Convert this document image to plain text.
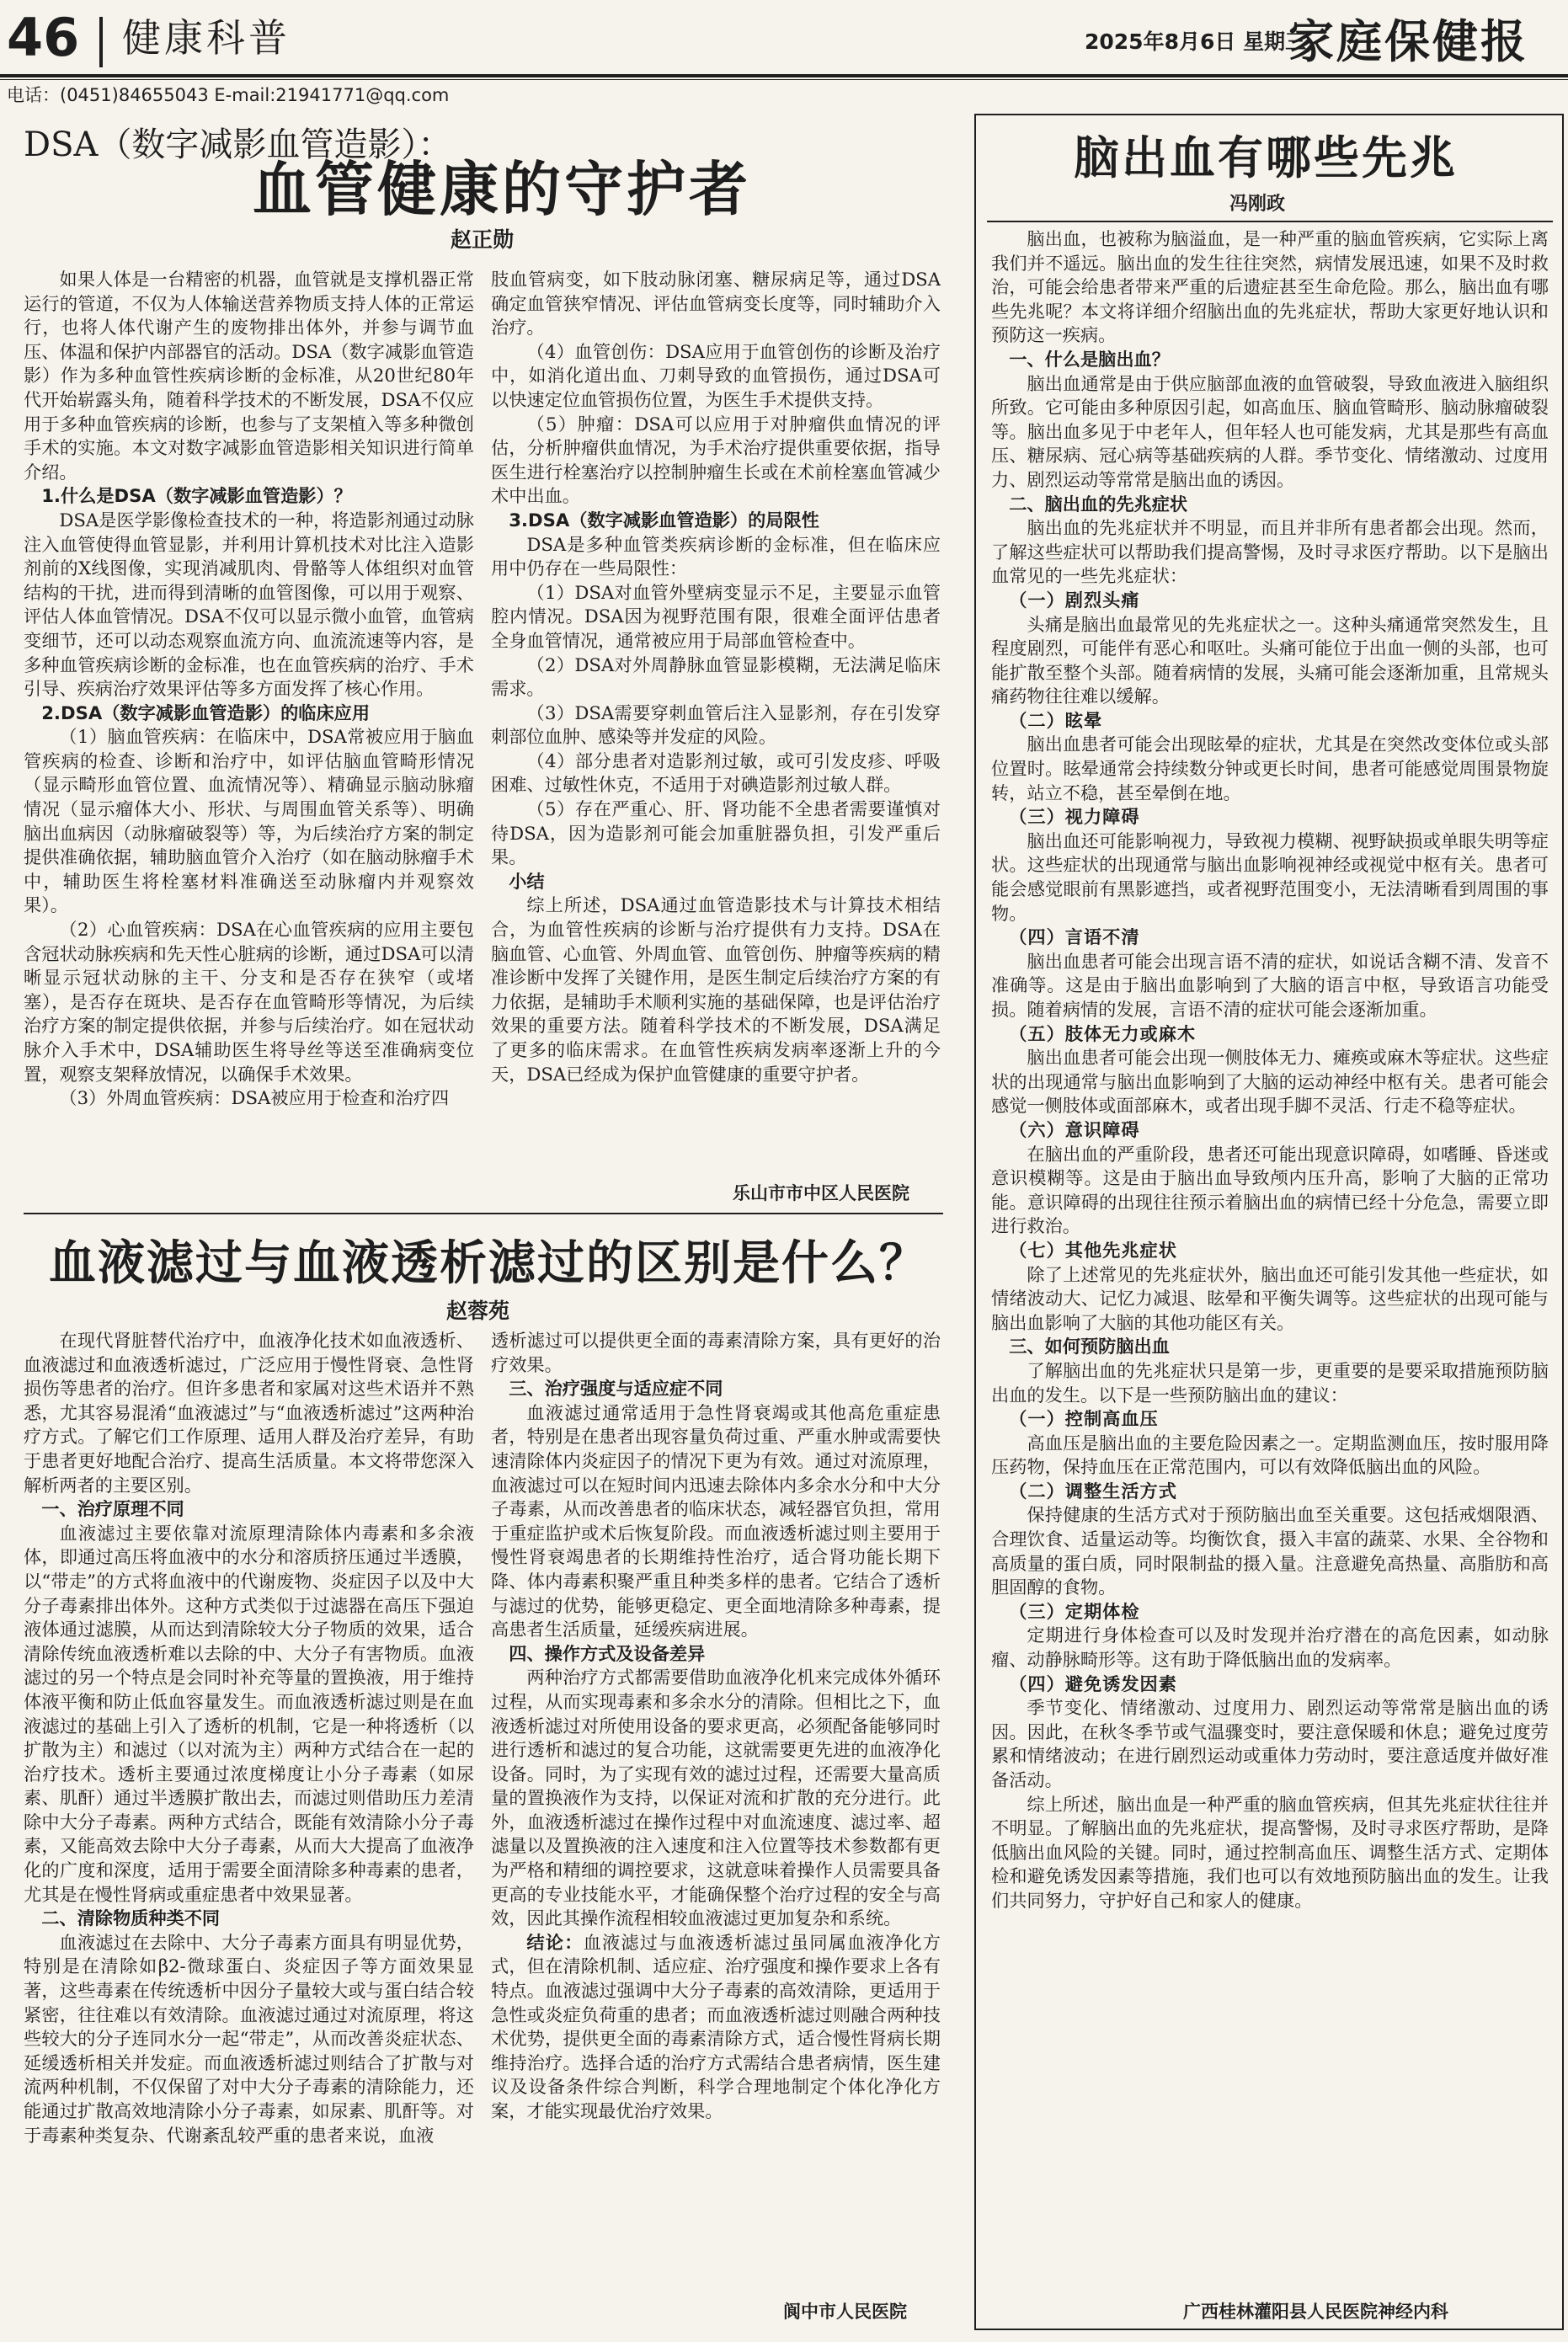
46 健康科普	2025年8月6日 星期三
家庭保健报
电话：(0451)84655043 E-mail:21941771@qq.com
DSA（数字减影血管造影）：
血管健康的守护者
赵正勋

如果人体是一台精密的机器，血管就是支撑机器正常运行的管道，不仅为人体输送营养物质支持人体的正常运行，也将人体代谢产生的废物排出体外，并参与调节血压、体温和保护内部器官的活动。DSA（数字减影血管造影）作为多种血管性疾病诊断的金标准，从20世纪80年代开始崭露头角，随着科学技术的不断发展，DSA不仅应用于多种血管疾病的诊断，也参与了支架植入等多种微创手术的实施。本文对数字减影血管造影相关知识进行简单介绍。

1.什么是DSA（数字减影血管造影）？

DSA是医学影像检查技术的一种，将造影剂通过动脉注入血管使得血管显影，并利用计算机技术对比注入造影剂前的X线图像，实现消减肌肉、骨骼等人体组织对血管结构的干扰，进而得到清晰的血管图像，可以用于观察、评估人体血管情况。DSA不仅可以显示微小血管，血管病变细节，还可以动态观察血流方向、血流流速等内容，是多种血管疾病诊断的金标准，也在血管疾病的治疗、手术引导、疾病治疗效果评估等多方面发挥了核心作用。

2.DSA（数字减影血管造影）的临床应用

（1）脑血管疾病：在临床中，DSA常被应用于脑血管疾病的检查、诊断和治疗中，如评估脑血管畸形情况（显示畸形血管位置、血流情况等）、精确显示脑动脉瘤情况（显示瘤体大小、形状、与周围血管关系等）、明确脑出血病因（动脉瘤破裂等）等，为后续治疗方案的制定提供准确依据，辅助脑血管介入治疗（如在脑动脉瘤手术中，辅助医生将栓塞材料准确送至动脉瘤内并观察效果）。

（2）心血管疾病：DSA在心血管疾病的应用主要包含冠状动脉疾病和先天性心脏病的诊断，通过DSA可以清晰显示冠状动脉的主干、分支和是否存在狭窄（或堵塞），是否存在斑块、是否存在血管畸形等情况，为后续治疗方案的制定提供依据，并参与后续治疗。如在冠状动脉介入手术中，DSA辅助医生将导丝等送至准确病变位置，观察支架释放情况，以确保手术效果。

（3）外周血管疾病：DSA被应用于检查和治疗四

肢血管病变，如下肢动脉闭塞、糖尿病足等，通过DSA确定血管狭窄情况、评估血管病变长度等，同时辅助介入治疗。

（4）血管创伤：DSA应用于血管创伤的诊断及治疗中，如消化道出血、刀刺导致的血管损伤，通过DSA可以快速定位血管损伤位置，为医生手术提供支持。

（5）肿瘤：DSA可以应用于对肿瘤供血情况的评估，分析肿瘤供血情况，为手术治疗提供重要依据，指导医生进行栓塞治疗以控制肿瘤生长或在术前栓塞血管减少术中出血。

3.DSA（数字减影血管造影）的局限性

DSA是多种血管类疾病诊断的金标准，但在临床应用中仍存在一些局限性：

（1）DSA对血管外壁病变显示不足，主要显示血管腔内情况。DSA因为视野范围有限，很难全面评估患者全身血管情况，通常被应用于局部血管检查中。

（2）DSA对外周静脉血管显影模糊，无法满足临床需求。

（3）DSA需要穿刺血管后注入显影剂，存在引发穿刺部位血肿、感染等并发症的风险。

（4）部分患者对造影剂过敏，或可引发皮疹、呼吸困难、过敏性休克，不适用于对碘造影剂过敏人群。

（5）存在严重心、肝、肾功能不全患者需要谨慎对待DSA，因为造影剂可能会加重脏器负担，引发严重后果。

小结

综上所述，DSA通过血管造影技术与计算技术相结合，为血管性疾病的诊断与治疗提供有力支持。DSA在脑血管、心血管、外周血管、血管创伤、肿瘤等疾病的精准诊断中发挥了关键作用，是医生制定后续治疗方案的有力依据，是辅助手术顺利实施的基础保障，也是评估治疗效果的重要方法。随着科学技术的不断发展，DSA满足了更多的临床需求。在血管性疾病发病率逐渐上升的今天，DSA已经成为保护血管健康的重要守护者。

乐山市市中区人民医院
血液滤过与血液透析滤过的区别是什么？
赵蓉苑

在现代肾脏替代治疗中，血液净化技术如血液透析、血液滤过和血液透析滤过，广泛应用于慢性肾衰、急性肾损伤等患者的治疗。但许多患者和家属对这些术语并不熟悉，尤其容易混淆“血液滤过”与“血液透析滤过”这两种治疗方式。了解它们工作原理、适用人群及治疗差异，有助于患者更好地配合治疗、提高生活质量。本文将带您深入解析两者的主要区别。

一、治疗原理不同

血液滤过主要依靠对流原理清除体内毒素和多余液体，即通过高压将血液中的水分和溶质挤压通过半透膜，以“带走”的方式将血液中的代谢废物、炎症因子以及中大分子毒素排出体外。这种方式类似于过滤器在高压下强迫液体通过滤膜，从而达到清除较大分子物质的效果，适合清除传统血液透析难以去除的中、大分子有害物质。血液滤过的另一个特点是会同时补充等量的置换液，用于维持体液平衡和防止低血容量发生。而血液透析滤过则是在血液滤过的基础上引入了透析的机制，它是一种将透析（以扩散为主）和滤过（以对流为主）两种方式结合在一起的治疗技术。透析主要通过浓度梯度让小分子毒素（如尿素、肌酐）通过半透膜扩散出去，而滤过则借助压力差清除中大分子毒素。两种方式结合，既能有效清除小分子毒素，又能高效去除中大分子毒素，从而大大提高了血液净化的广度和深度，适用于需要全面清除多种毒素的患者，尤其是在慢性肾病或重症患者中效果显著。

二、清除物质种类不同

血液滤过在去除中、大分子毒素方面具有明显优势，特别是在清除如β2-微球蛋白、炎症因子等方面效果显著，这些毒素在传统透析中因分子量较大或与蛋白结合较紧密，往往难以有效清除。血液滤过通过对流原理，将这些较大的分子连同水分一起“带走”，从而改善炎症状态、延缓透析相关并发症。而血液透析滤过则结合了扩散与对流两种机制，不仅保留了对中大分子毒素的清除能力，还能通过扩散高效地清除小分子毒素，如尿素、肌酐等。对于毒素种类复杂、代谢紊乱较严重的患者来说，血液

透析滤过可以提供更全面的毒素清除方案，具有更好的治疗效果。

三、治疗强度与适应症不同

血液滤过通常适用于急性肾衰竭或其他高危重症患者，特别是在患者出现容量负荷过重、严重水肿或需要快速清除体内炎症因子的情况下更为有效。通过对流原理，血液滤过可以在短时间内迅速去除体内多余水分和中大分子毒素，从而改善患者的临床状态，减轻器官负担，常用于重症监护或术后恢复阶段。而血液透析滤过则主要用于慢性肾衰竭患者的长期维持性治疗，适合肾功能长期下降、体内毒素积聚严重且种类多样的患者。它结合了透析与滤过的优势，能够更稳定、更全面地清除多种毒素，提高患者生活质量，延缓疾病进展。

四、操作方式及设备差异

两种治疗方式都需要借助血液净化机来完成体外循环过程，从而实现毒素和多余水分的清除。但相比之下，血液透析滤过对所使用设备的要求更高，必须配备能够同时进行透析和滤过的复合功能，这就需要更先进的血液净化设备。同时，为了实现有效的滤过过程，还需要大量高质量的置换液作为支持，以保证对流和扩散的充分进行。此外，血液透析滤过在操作过程中对血流速度、滤过率、超滤量以及置换液的注入速度和注入位置等技术参数都有更为严格和精细的调控要求，这就意味着操作人员需要具备更高的专业技能水平，才能确保整个治疗过程的安全与高效，因此其操作流程相较血液滤过更加复杂和系统。

结论：血液滤过与血液透析滤过虽同属血液净化方式，但在清除机制、适应症、治疗强度和操作要求上各有特点。血液滤过强调中大分子毒素的高效清除，更适用于急性或炎症负荷重的患者；而血液透析滤过则融合两种技术优势，提供更全面的毒素清除方式，适合慢性肾病长期维持治疗。选择合适的治疗方式需结合患者病情，医生建议及设备条件综合判断，科学合理地制定个体化净化方案，才能实现最优治疗效果。

阆中市人民医院
脑出血有哪些先兆
冯刚政

脑出血，也被称为脑溢血，是一种严重的脑血管疾病，它实际上离我们并不遥远。脑出血的发生往往突然，病情发展迅速，如果不及时救治，可能会给患者带来严重的后遗症甚至生命危险。那么，脑出血有哪些先兆呢？本文将详细介绍脑出血的先兆症状，帮助大家更好地认识和预防这一疾病。

一、什么是脑出血？

脑出血通常是由于供应脑部血液的血管破裂，导致血液进入脑组织所致。它可能由多种原因引起，如高血压、脑血管畸形、脑动脉瘤破裂等。脑出血多见于中老年人，但年轻人也可能发病，尤其是那些有高血压、糖尿病、冠心病等基础疾病的人群。季节变化、情绪激动、过度用力、剧烈运动等常常是脑出血的诱因。

二、脑出血的先兆症状

脑出血的先兆症状并不明显，而且并非所有患者都会出现。然而，了解这些症状可以帮助我们提高警惕，及时寻求医疗帮助。以下是脑出血常见的一些先兆症状：

（一）剧烈头痛

头痛是脑出血最常见的先兆症状之一。这种头痛通常突然发生，且程度剧烈，可能伴有恶心和呕吐。头痛可能位于出血一侧的头部，也可能扩散至整个头部。随着病情的发展，头痛可能会逐渐加重，且常规头痛药物往往难以缓解。

（二）眩晕

脑出血患者可能会出现眩晕的症状，尤其是在突然改变体位或头部位置时。眩晕通常会持续数分钟或更长时间，患者可能感觉周围景物旋转，站立不稳，甚至晕倒在地。

（三）视力障碍

脑出血还可能影响视力，导致视力模糊、视野缺损或单眼失明等症状。这些症状的出现通常与脑出血影响视神经或视觉中枢有关。患者可能会感觉眼前有黑影遮挡，或者视野范围变小，无法清晰看到周围的事物。

（四）言语不清

脑出血患者可能会出现言语不清的症状，如说话含糊不清、发音不准确等。这是由于脑出血影响到了大脑的语言中枢，导致语言功能受损。随着病情的发展，言语不清的症状可能会逐渐加重。

（五）肢体无力或麻木

脑出血患者可能会出现一侧肢体无力、瘫痪或麻木等症状。这些症状的出现通常与脑出血影响到了大脑的运动神经中枢有关。患者可能会感觉一侧肢体或面部麻木，或者出现手脚不灵活、行走不稳等症状。

（六）意识障碍

在脑出血的严重阶段，患者还可能出现意识障碍，如嗜睡、昏迷或意识模糊等。这是由于脑出血导致颅内压升高，影响了大脑的正常功能。意识障碍的出现往往预示着脑出血的病情已经十分危急，需要立即进行救治。

（七）其他先兆症状

除了上述常见的先兆症状外，脑出血还可能引发其他一些症状，如情绪波动大、记忆力减退、眩晕和平衡失调等。这些症状的出现可能与脑出血影响了大脑的其他功能区有关。

三、如何预防脑出血

了解脑出血的先兆症状只是第一步，更重要的是要采取措施预防脑出血的发生。以下是一些预防脑出血的建议：

（一）控制高血压

高血压是脑出血的主要危险因素之一。定期监测血压，按时服用降压药物，保持血压在正常范围内，可以有效降低脑出血的风险。

（二）调整生活方式

保持健康的生活方式对于预防脑出血至关重要。这包括戒烟限酒、合理饮食、适量运动等。均衡饮食，摄入丰富的蔬菜、水果、全谷物和高质量的蛋白质，同时限制盐的摄入量。注意避免高热量、高脂肪和高胆固醇的食物。

（三）定期体检

定期进行身体检查可以及时发现并治疗潜在的高危因素，如动脉瘤、动静脉畸形等。这有助于降低脑出血的发病率。

（四）避免诱发因素

季节变化、情绪激动、过度用力、剧烈运动等常常是脑出血的诱因。因此，在秋冬季节或气温骤变时，要注意保暖和休息；避免过度劳累和情绪波动；在进行剧烈运动或重体力劳动时，要注意适度并做好准备活动。

综上所述，脑出血是一种严重的脑血管疾病，但其先兆症状往往并不明显。了解脑出血的先兆症状，提高警惕，及时寻求医疗帮助，是降低脑出血风险的关键。同时，通过控制高血压、调整生活方式、定期体检和避免诱发因素等措施，我们也可以有效地预防脑出血的发生。让我们共同努力，守护好自己和家人的健康。

广西桂林灌阳县人民医院神经内科
